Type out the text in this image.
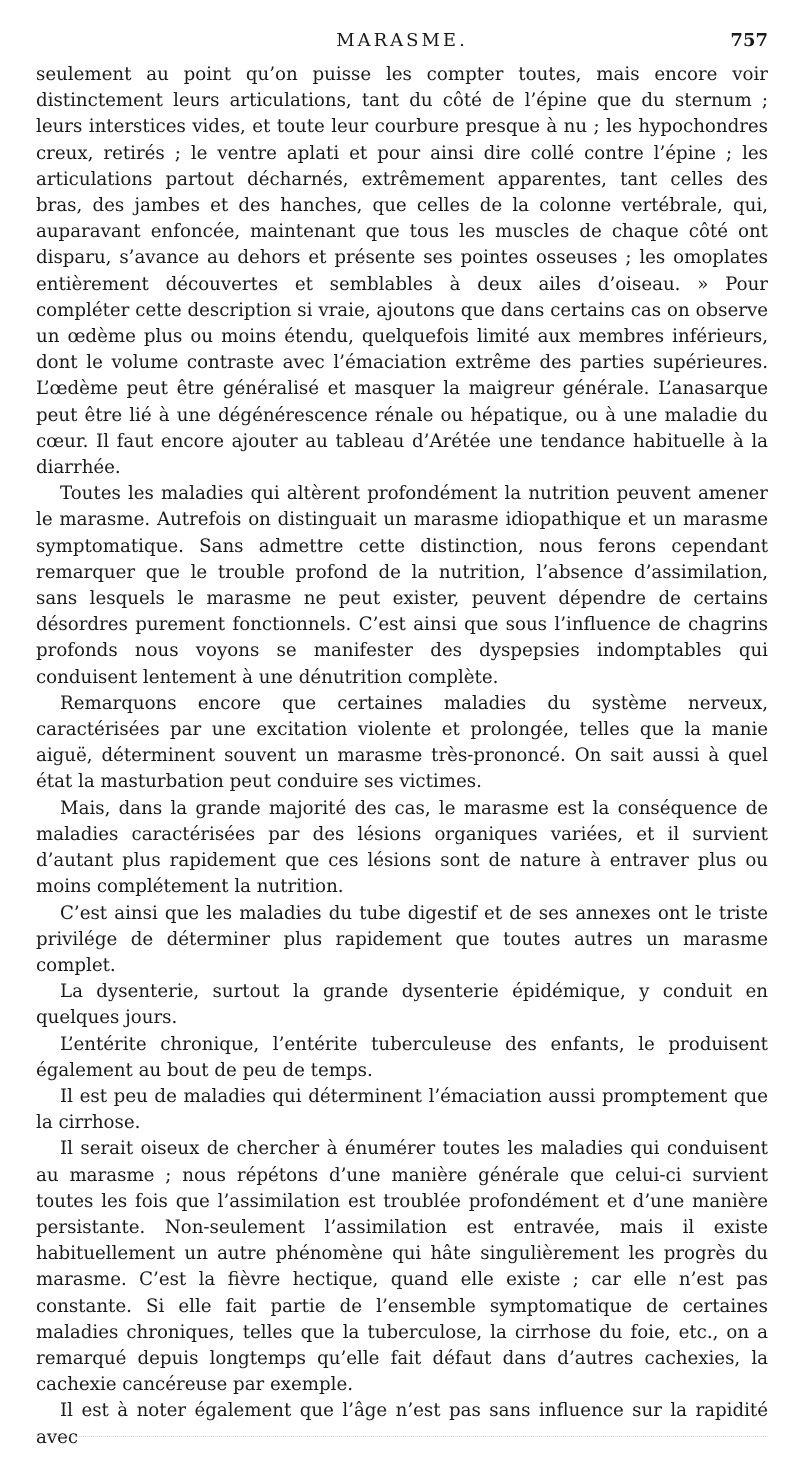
MARASME.	757

seulement au point qu’on puisse les compter toutes, mais encore voir distinctement leurs articulations, tant du côté de l’épine que du sternum ; leurs interstices vides, et toute leur courbure presque à nu ; les hypochondres creux, retirés ; le ventre aplati et pour ainsi dire collé contre l’épine ; les articulations partout décharnés, extrêmement apparentes, tant celles des bras, des jambes et des hanches, que celles de la colonne vertébrale, qui, auparavant enfoncée, maintenant que tous les muscles de chaque côté ont disparu, s’avance au dehors et présente ses pointes osseuses ; les omoplates entièrement découvertes et semblables à deux ailes d’oiseau. » Pour compléter cette description si vraie, ajoutons que dans certains cas on observe un œdème plus ou moins étendu, quelquefois limité aux membres inférieurs, dont le volume contraste avec l’émaciation extrême des parties supérieures. L’œdème peut être généralisé et masquer la maigreur générale. L’anasarque peut être lié à une dégénérescence rénale ou hépatique, ou à une maladie du cœur. Il faut encore ajouter au tableau d’Arétée une tendance habituelle à la diarrhée.

Toutes les maladies qui altèrent profondément la nutrition peuvent amener le marasme. Autrefois on distinguait un marasme idiopathique et un marasme symptomatique. Sans admettre cette distinction, nous ferons cependant remarquer que le trouble profond de la nutrition, l’absence d’assimilation, sans lesquels le marasme ne peut exister, peuvent dépendre de certains désordres purement fonctionnels. C’est ainsi que sous l’influence de chagrins profonds nous voyons se manifester des dyspepsies indomptables qui conduisent lentement à une dénutrition complète.

Remarquons encore que certaines maladies du système nerveux, caractérisées par une excitation violente et prolongée, telles que la manie aiguë, déterminent souvent un marasme très-prononcé. On sait aussi à quel état la masturbation peut conduire ses victimes.

Mais, dans la grande majorité des cas, le marasme est la conséquence de maladies caractérisées par des lésions organiques variées, et il survient d’autant plus rapidement que ces lésions sont de nature à entraver plus ou moins complétement la nutrition.

C’est ainsi que les maladies du tube digestif et de ses annexes ont le triste privilége de déterminer plus rapidement que toutes autres un marasme complet.

La dysenterie, surtout la grande dysenterie épidémique, y conduit en quelques jours.

L’entérite chronique, l’entérite tuberculeuse des enfants, le produisent également au bout de peu de temps.

Il est peu de maladies qui déterminent l’émaciation aussi promptement que la cirrhose.

Il serait oiseux de chercher à énumérer toutes les maladies qui conduisent au marasme ; nous répétons d’une manière générale que celui-ci survient toutes les fois que l’assimilation est troublée profondément et d’une manière persistante. Non-seulement l’assimilation est entravée, mais il existe habituellement un autre phénomène qui hâte singulièrement les progrès du marasme. C’est la fièvre hectique, quand elle existe ; car elle n’est pas constante. Si elle fait partie de l’ensemble symptomatique de certaines maladies chroniques, telles que la tuberculose, la cirrhose du foie, etc., on a remarqué depuis longtemps qu’elle fait défaut dans d’autres cachexies, la cachexie cancéreuse par exemple.

Il est à noter également que l’âge n’est pas sans influence sur la rapidité avec
